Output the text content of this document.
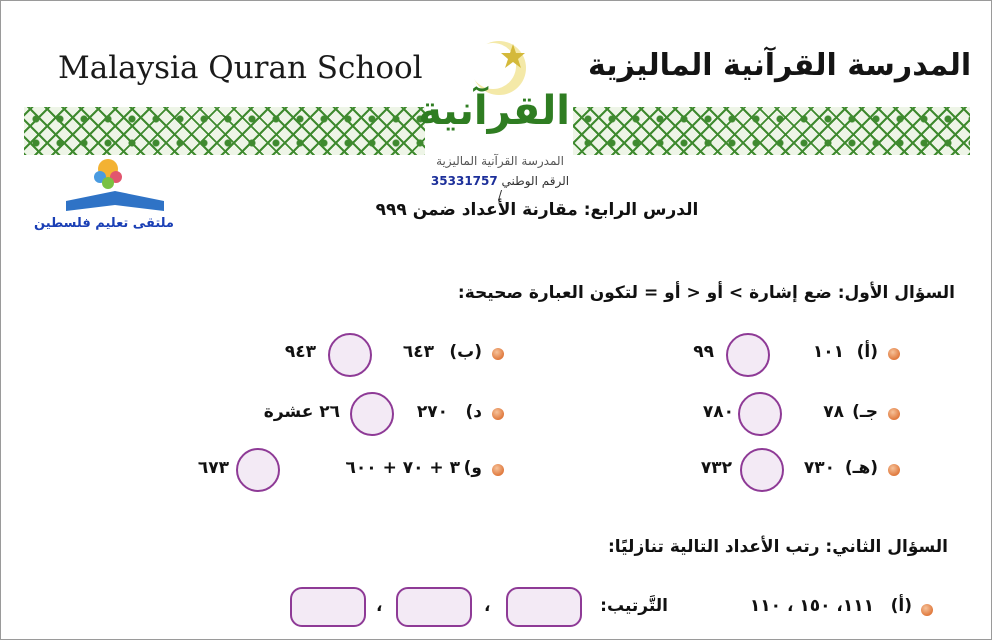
Malaysia Quran School	المدرسة القرآنية الماليزية
القرآنية
المدرسة القرآنية الماليزية
35331757 الرقم الوطني /
ملتقى تعليم فلسطين
الدرس الرابع: مقارنة الأعداد ضمن ٩٩٩
السؤال الأول: ضع إشارة > أو < أو = لتكون العبارة صحيحة:
(أ)
١٠١
٩٩
(ب)
٦٤٣
٩٤٣
جـ)
٧٨
٧٨٠
د)
٢٧٠
٢٦ عشرة
(هـ)
٧٣٠
٧٣٢
و)
٣ + ٧٠ + ٦٠٠
٦٧٣
السؤال الثاني: رتب الأعداد التالية تنازليًا:
(أ)
١١١، ١٥٠ ، ١١٠
التَّرتيب:
،
،
